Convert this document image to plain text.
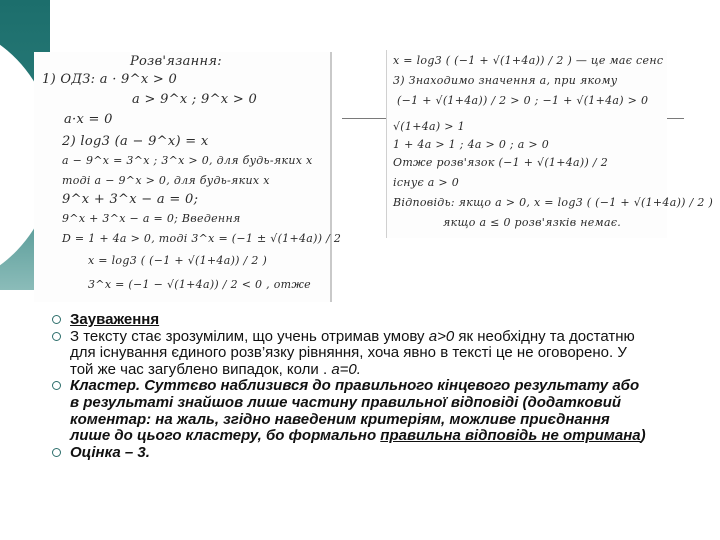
Розв'язання:
1) ОДЗ: a · 9^x > 0
a > 9^x ; 9^x > 0
a·x = 0
2) log3 (a − 9^x) = x
a − 9^x = 3^x ; 3^x > 0, для будь-яких x
тоді a − 9^x > 0, для будь-яких x
9^x + 3^x − a = 0;
9^x + 3^x − a = 0; Введення
D = 1 + 4a > 0, тоді 3^x = (−1 ± √(1+4a)) / 2
x = log3 ( (−1 + √(1+4a)) / 2 )
3^x = (−1 − √(1+4a)) / 2 < 0 , отже
x = log3 ( (−1 + √(1+4a)) / 2 ) — це має сенс
3) Знаходимо значення a, при якому
(−1 + √(1+4a)) / 2 > 0 ; −1 + √(1+4a) > 0
√(1+4a) > 1
1 + 4a > 1 ; 4a > 0 ; a > 0
Отже розв'язок (−1 + √(1+4a)) / 2
існує a > 0
Відповідь: якщо a > 0, x = log3 ( (−1 + √(1+4a)) / 2 )
якщо a ≤ 0 розв'язків немає.
Зауваження
З тексту стає зрозумілим, що учень отримав умову a>0 як необхідну та достатню для існування єдиного розв’язку рівняння, хоча явно в тексті це не оговорено. У той же час загублено випадок, коли . a=0.
Кластер. Суттєво наблизився до правильного кінцевого результату або в результаті знайшов лише частину правильної відповіді (додатковий коментар: на жаль, згідно наведеним критеріям, можливе приєднання лише до цього кластеру, бо формально правильна відповідь не отримана)
Оцінка – 3.
